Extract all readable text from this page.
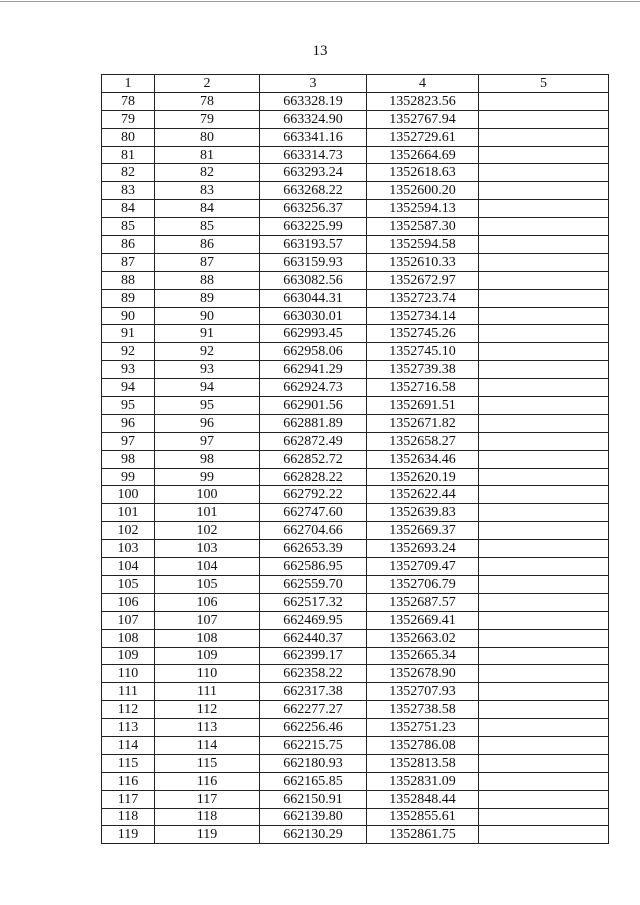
13
1	2	3	4	5
78	78	663328.19	1352823.56	
79	79	663324.90	1352767.94	
80	80	663341.16	1352729.61	
81	81	663314.73	1352664.69	
82	82	663293.24	1352618.63	
83	83	663268.22	1352600.20	
84	84	663256.37	1352594.13	
85	85	663225.99	1352587.30	
86	86	663193.57	1352594.58	
87	87	663159.93	1352610.33	
88	88	663082.56	1352672.97	
89	89	663044.31	1352723.74	
90	90	663030.01	1352734.14	
91	91	662993.45	1352745.26	
92	92	662958.06	1352745.10	
93	93	662941.29	1352739.38	
94	94	662924.73	1352716.58	
95	95	662901.56	1352691.51	
96	96	662881.89	1352671.82	
97	97	662872.49	1352658.27	
98	98	662852.72	1352634.46	
99	99	662828.22	1352620.19	
100	100	662792.22	1352622.44	
101	101	662747.60	1352639.83	
102	102	662704.66	1352669.37	
103	103	662653.39	1352693.24	
104	104	662586.95	1352709.47	
105	105	662559.70	1352706.79	
106	106	662517.32	1352687.57	
107	107	662469.95	1352669.41	
108	108	662440.37	1352663.02	
109	109	662399.17	1352665.34	
110	110	662358.22	1352678.90	
111	111	662317.38	1352707.93	
112	112	662277.27	1352738.58	
113	113	662256.46	1352751.23	
114	114	662215.75	1352786.08	
115	115	662180.93	1352813.58	
116	116	662165.85	1352831.09	
117	117	662150.91	1352848.44	
118	118	662139.80	1352855.61	
119	119	662130.29	1352861.75	
